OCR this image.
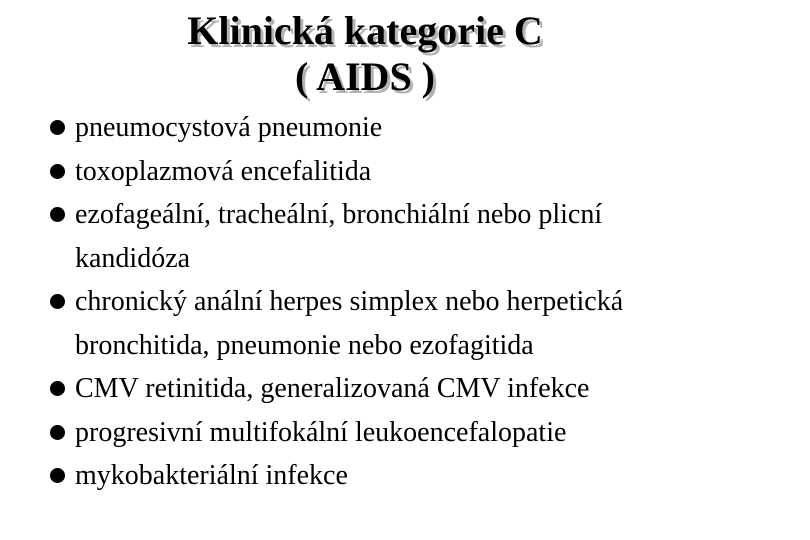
Klinická kategorie C
( AIDS )
pneumocystová pneumonie
toxoplazmová encefalitida
ezofageální, tracheální, bronchiální nebo plicní
kandidóza
chronický anální herpes simplex nebo herpetická
bronchitida, pneumonie nebo ezofagitida
CMV retinitida, generalizovaná CMV infekce
progresivní multifokální leukoencefalopatie
mykobakteriální infekce
